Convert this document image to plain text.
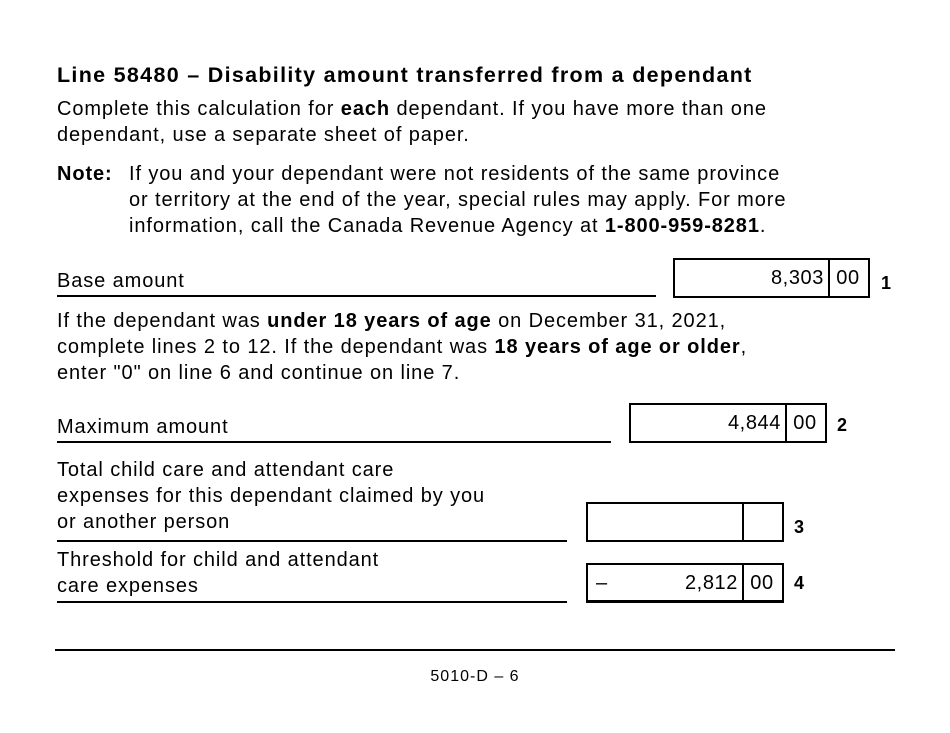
Line 58480 – Disability amount transferred from a dependant
Complete this calculation for each dependant. If you have more than one
dependant, use a separate sheet of paper.
Note: If you and your dependant were not residents of the same province
or territory at the end of the year, special rules may apply. For more
information, call the Canada Revenue Agency at 1-800-959-8281.
Base amount	8,303 00	1
If the dependant was under 18 years of age on December 31, 2021,
complete lines 2 to 12. If the dependant was 18 years of age or older,
enter "0" on line 6 and continue on line 7.
Maximum amount	4,844 00	2
Total child care and attendant care
expenses for this dependant claimed by you
or another person	3
Threshold for child and attendant
care expenses	–	2,812 00	4
5010-D – 6
